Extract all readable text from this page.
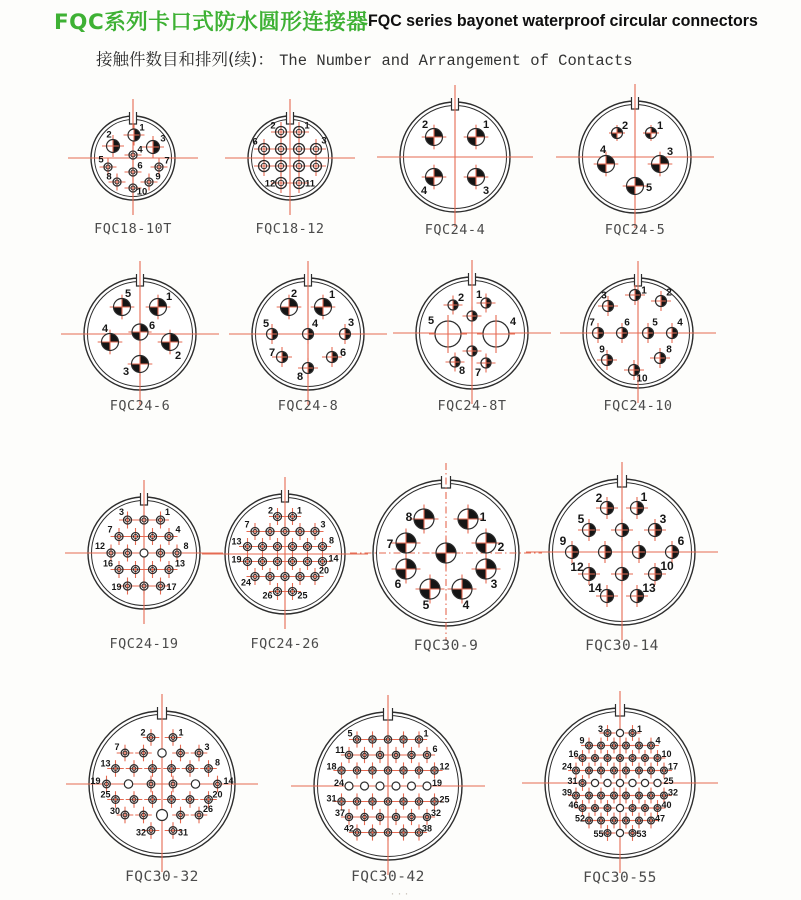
FQC系列卡口式防水圆形连接器 FQC series bayonet waterproof circular connectors
接触件数目和排列(续)： The Number and Arrangement of Contacts
1
2	3
4
5
6 7
8	9
10
FQC18-10T
2	1
6	3
12	11
FQC18-12
2	1
4	3
FQC24-4
2	1
4	3
5
FQC24-5
5	1
6
4
2
3
FQC24-6
2	1
5	4	3
7	6
8
FQC24-8
2 1
5	4
8 7
FQC24-8T
1
3	2
7	6 5 4
9	8
10
FQC24-10
3	1
7	4
12	8
16	13
19	17
FQC24-19
2	1
7	3
13	8
19	14
24
20
26	25
FQC24-26
8	1
7	2
6	3
5	4
FQC30-9
2	1
5	3
9	6
12	10
14	13
FQC30-14
2	1
7	3
13	8
19	14
25	20
30	26
32	31
FQC30-32
5	1
11	6
18	12
24	19
31	25
37	32
42	38
FQC30-42
3	1
9	4
16	10
24	17
31	25
39	32
46	40
52	47
55	53
FQC30-55
···
